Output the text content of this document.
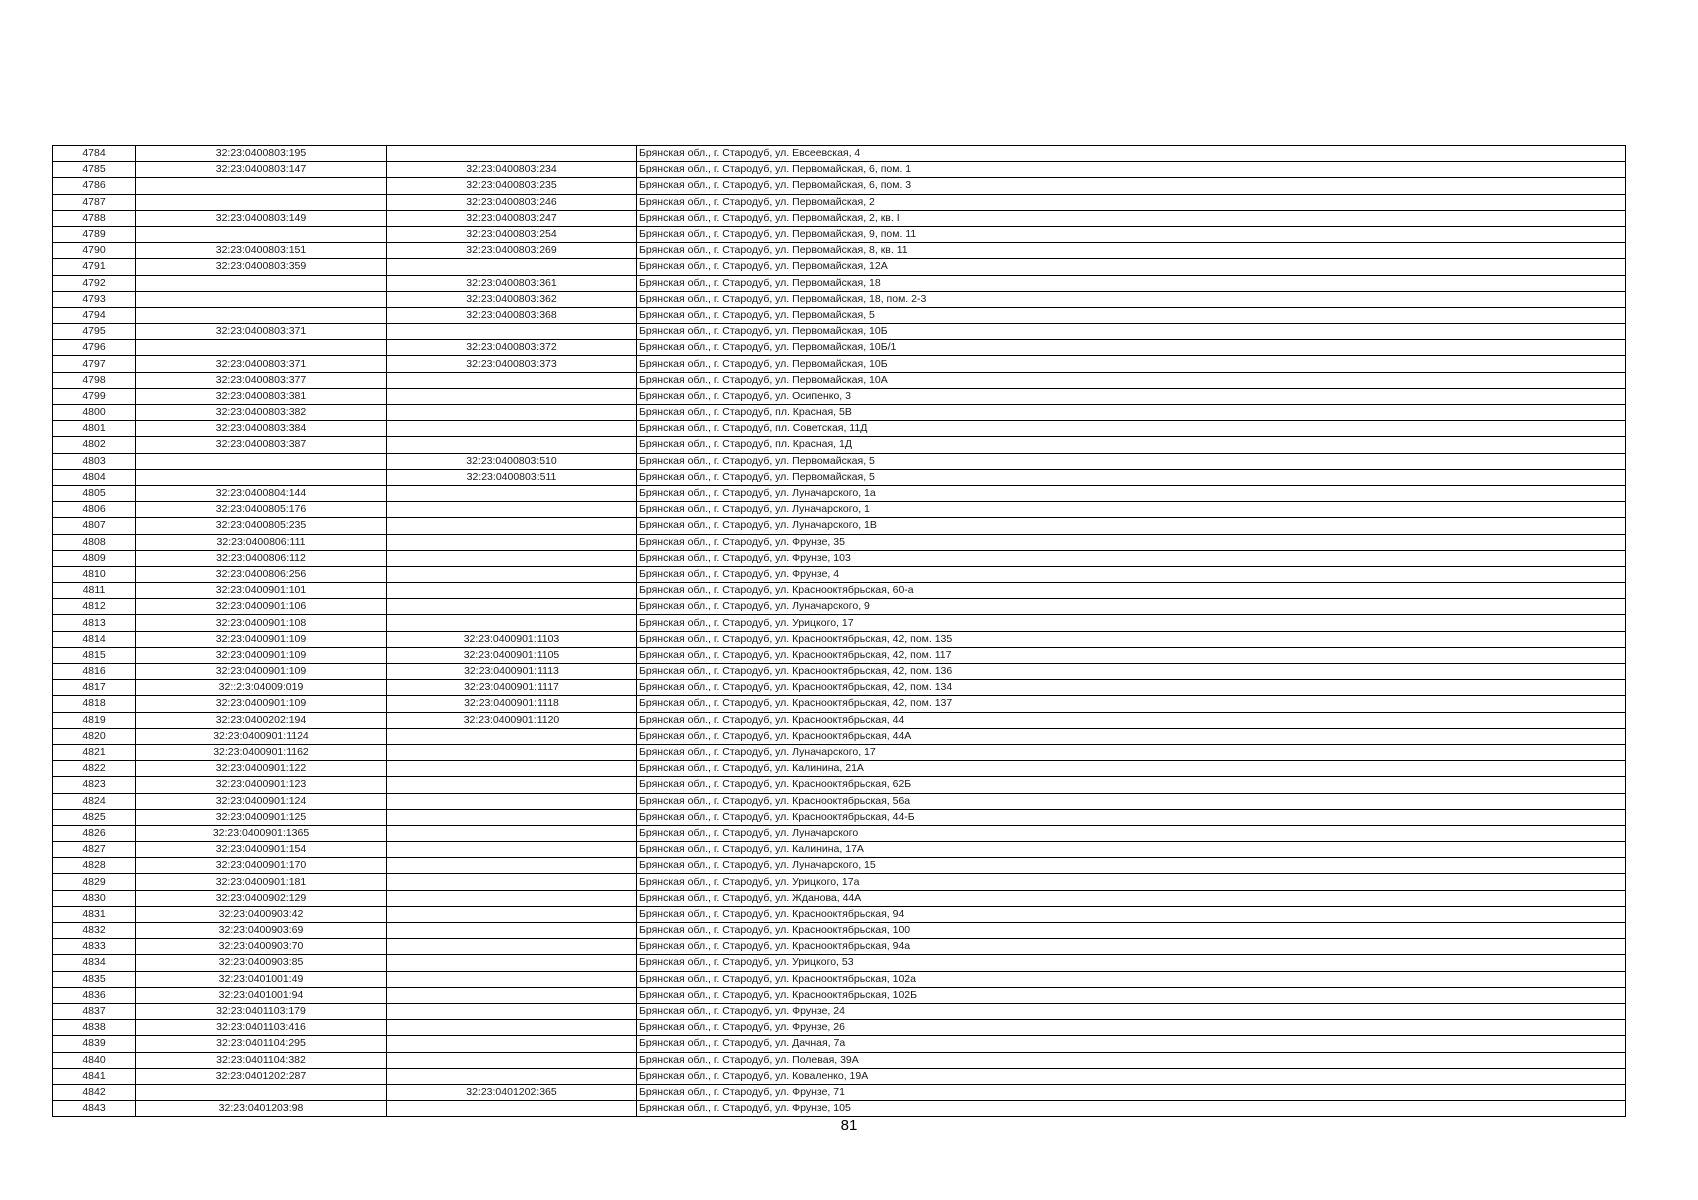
4784	32:23:0400803:195		Брянская обл., г. Стародуб, ул. Евсеевская, 4
4785	32:23:0400803:147	32:23:0400803:234	Брянская обл., г. Стародуб, ул. Первомайская, 6, пом. 1
4786		32:23:0400803:235	Брянская обл., г. Стародуб, ул. Первомайская, 6, пом. 3
4787		32:23:0400803:246	Брянская обл., г. Стародуб, ул. Первомайская, 2
4788	32:23:0400803:149	32:23:0400803:247	Брянская обл., г. Стародуб, ул. Первомайская, 2, кв. I
4789		32:23:0400803:254	Брянская обл., г. Стародуб, ул. Первомайская, 9, пом. 11
4790	32:23:0400803:151	32:23:0400803:269	Брянская обл., г. Стародуб, ул. Первомайская, 8, кв. 11
4791	32:23:0400803:359		Брянская обл., г. Стародуб, ул. Первомайская, 12А
4792		32:23:0400803:361	Брянская обл., г. Стародуб, ул. Первомайская, 18
4793		32:23:0400803:362	Брянская обл., г. Стародуб, ул. Первомайская, 18, пом. 2-3
4794		32:23:0400803:368	Брянская обл., г. Стародуб, ул. Первомайская, 5
4795	32:23:0400803:371		Брянская обл., г. Стародуб, ул. Первомайская, 10Б
4796		32:23:0400803:372	Брянская обл., г. Стародуб, ул. Первомайская, 10Б/1
4797	32:23:0400803:371	32:23:0400803:373	Брянская обл., г. Стародуб, ул. Первомайская, 10Б
4798	32:23:0400803:377		Брянская обл., г. Стародуб, ул. Первомайская, 10А
4799	32:23:0400803:381		Брянская обл., г. Стародуб, ул. Осипенко, 3
4800	32:23:0400803:382		Брянская обл., г. Стародуб, пл. Красная, 5В
4801	32:23:0400803:384		Брянская обл., г. Стародуб, пл. Советская, 11Д
4802	32:23:0400803:387		Брянская обл., г. Стародуб, пл. Красная, 1Д
4803		32:23:0400803:510	Брянская обл., г. Стародуб, ул. Первомайская, 5
4804		32:23:0400803:511	Брянская обл., г. Стародуб, ул. Первомайская, 5
4805	32:23:0400804:144		Брянская обл., г. Стародуб, ул. Луначарского, 1а
4806	32:23:0400805:176		Брянская обл., г. Стародуб, ул. Луначарского, 1
4807	32:23:0400805:235		Брянская обл., г. Стародуб, ул. Луначарского, 1В
4808	32:23:0400806:111		Брянская обл., г. Стародуб, ул. Фрунзе, 35
4809	32:23:0400806:112		Брянская обл., г. Стародуб, ул. Фрунзе, 103
4810	32:23:0400806:256		Брянская обл., г. Стародуб, ул. Фрунзе, 4
4811	32:23:0400901:101		Брянская обл., г. Стародуб, ул. Краснооктябрьская, 60-а
4812	32:23:0400901:106		Брянская обл., г. Стародуб, ул. Луначарского, 9
4813	32:23:0400901:108		Брянская обл., г. Стародуб, ул. Урицкого, 17
4814	32:23:0400901:109	32:23:0400901:1103	Брянская обл., г. Стародуб, ул. Краснооктябрьская, 42, пом. 135
4815	32:23:0400901:109	32:23:0400901:1105	Брянская обл., г. Стародуб, ул. Краснооктябрьская, 42, пом. 117
4816	32:23:0400901:109	32:23:0400901:1113	Брянская обл., г. Стародуб, ул. Краснооктябрьская, 42, пом. 136
4817	32::2:3:04009:019	32:23:0400901:1117	Брянская обл., г. Стародуб, ул. Краснооктябрьская, 42, пом. 134
4818	32:23:0400901:109	32:23:0400901:1118	Брянская обл., г. Стародуб, ул. Краснооктябрьская, 42, пом. 137
4819	32:23:0400202:194	32:23:0400901:1120	Брянская обл., г. Стародуб, ул. Краснооктябрьская, 44
4820	32:23:0400901:1124		Брянская обл., г. Стародуб, ул. Краснооктябрьская, 44А
4821	32:23:0400901:1162		Брянская обл., г. Стародуб, ул. Луначарского, 17
4822	32:23:0400901:122		Брянская обл., г. Стародуб, ул. Калинина, 21А
4823	32:23:0400901:123		Брянская обл., г. Стародуб, ул. Краснооктябрьская, 62Б
4824	32:23:0400901:124		Брянская обл., г. Стародуб, ул. Краснооктябрьская, 56а
4825	32:23:0400901:125		Брянская обл., г. Стародуб, ул. Краснооктябрьская, 44-Б
4826	32:23:0400901:1365		Брянская обл., г. Стародуб, ул. Луначарского
4827	32:23:0400901:154		Брянская обл., г. Стародуб, ул. Калинина, 17А
4828	32:23:0400901:170		Брянская обл., г. Стародуб, ул. Луначарского, 15
4829	32:23:0400901:181		Брянская обл., г. Стародуб, ул. Урицкого, 17а
4830	32:23:0400902:129		Брянская обл., г. Стародуб, ул. Жданова, 44А
4831	32:23:0400903:42		Брянская обл., г. Стародуб, ул. Краснооктябрьская, 94
4832	32:23:0400903:69		Брянская обл., г. Стародуб, ул. Краснооктябрьская, 100
4833	32:23:0400903:70		Брянская обл., г. Стародуб, ул. Краснооктябрьская, 94а
4834	32:23:0400903:85		Брянская обл., г. Стародуб, ул. Урицкого, 53
4835	32:23:0401001:49		Брянская обл., г. Стародуб, ул. Краснооктябрьская, 102а
4836	32:23:0401001:94		Брянская обл., г. Стародуб, ул. Краснооктябрьская, 102Б
4837	32:23:0401103:179		Брянская обл., г. Стародуб, ул. Фрунзе, 24
4838	32:23:0401103:416		Брянская обл., г. Стародуб, ул. Фрунзе, 26
4839	32:23:0401104:295		Брянская обл., г. Стародуб, ул. Дачная, 7а
4840	32:23:0401104:382		Брянская обл., г. Стародуб, ул. Полевая, 39А
4841	32:23:0401202:287		Брянская обл., г. Стародуб, ул. Коваленко, 19А
4842		32:23:0401202:365	Брянская обл., г. Стародуб, ул. Фрунзе, 71
4843	32:23:0401203:98		Брянская обл., г. Стародуб, ул. Фрунзе, 105
81
